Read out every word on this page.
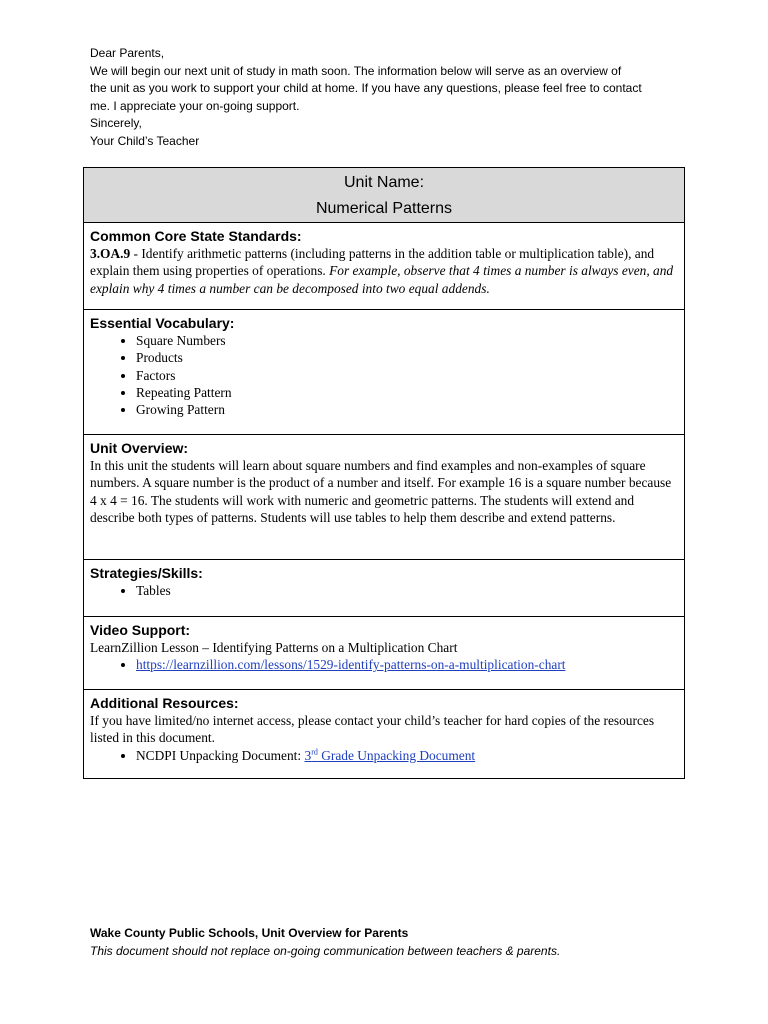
Dear Parents,
We will begin our next unit of study in math soon. The information below will serve as an overview of
the unit as you work to support your child at home. If you have any questions, please feel free to contact
me. I appreciate your on-going support.
Sincerely,
Your Child’s Teacher
Unit Name:
Numerical Patterns

Common Core State Standards:
3.OA.9 - Identify arithmetic patterns (including patterns in the addition table or multiplication table), and explain them using properties of operations. For example, observe that 4 times a number is always even, and explain why 4 times a number can be decomposed into two equal addends.

Essential Vocabulary:
• Square Numbers
• Products
• Factors
• Repeating Pattern
• Growing Pattern

Unit Overview:
In this unit the students will learn about square numbers and find examples and non-examples of square numbers. A square number is the product of a number and itself. For example 16 is a square number because 4 x 4 = 16. The students will work with numeric and geometric patterns. The students will extend and describe both types of patterns. Students will use tables to help them describe and extend patterns.

Strategies/Skills:
• Tables

Video Support:
LearnZillion Lesson – Identifying Patterns on a Multiplication Chart
• https://learnzillion.com/lessons/1529-identify-patterns-on-a-multiplication-chart

Additional Resources:
If you have limited/no internet access, please contact your child’s teacher for hard copies of the resources listed in this document.
• NCDPI Unpacking Document: 3rd Grade Unpacking Document
Wake County Public Schools, Unit Overview for Parents
This document should not replace on-going communication between teachers & parents.
